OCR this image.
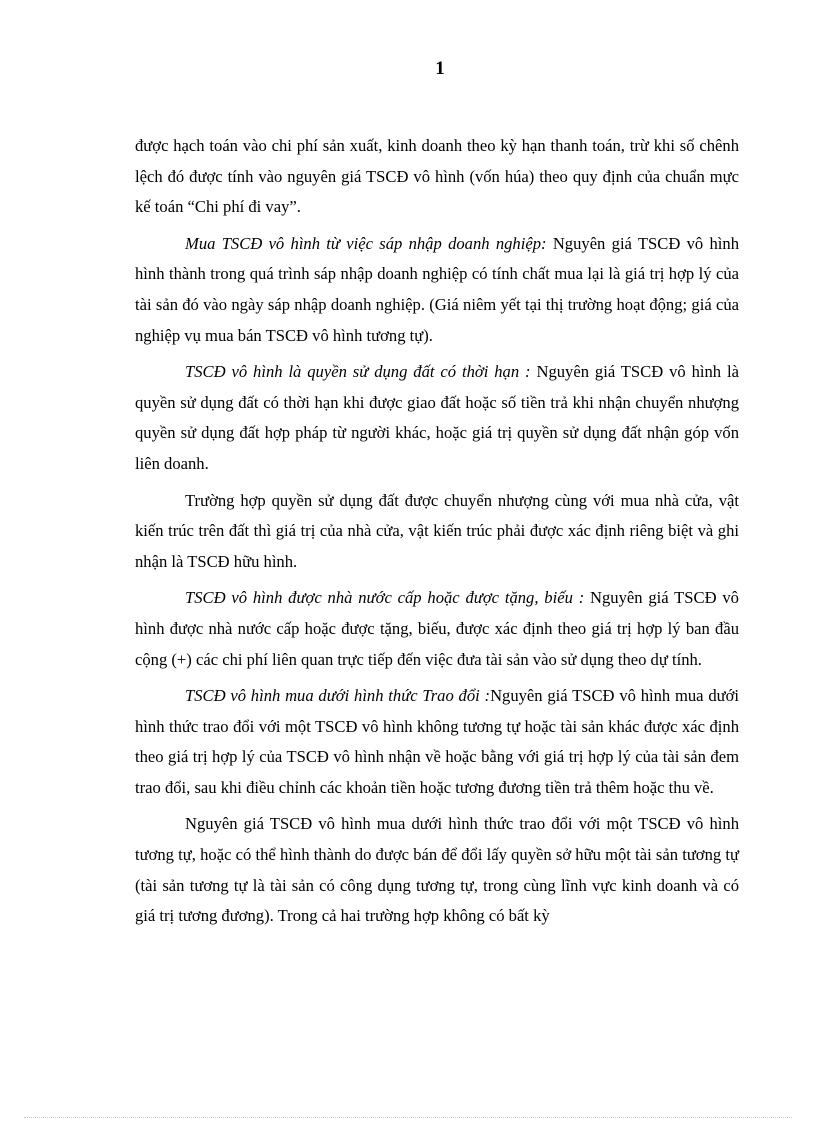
1

được hạch toán vào chi phí sản xuất, kinh doanh theo kỳ hạn thanh toán, trừ khi số chênh lệch đó được tính vào nguyên giá TSCĐ vô hình (vốn húa) theo quy định của chuẩn mực kế toán “Chi phí đi vay”.

Mua TSCĐ vô hình từ việc sáp nhập doanh nghiệp: Nguyên giá TSCĐ vô hình hình thành trong quá trình sáp nhập doanh nghiệp có tính chất mua lại là giá trị hợp lý của tài sản đó vào ngày sáp nhập doanh nghiệp. (Giá niêm yết tại thị trường hoạt động; giá của nghiệp vụ mua bán TSCĐ vô hình tương tự).

TSCĐ vô hình là quyền sử dụng đất có thời hạn : Nguyên giá TSCĐ vô hình là quyền sử dụng đất có thời hạn khi được giao đất hoặc số tiền trả khi nhận chuyển nhượng quyền sử dụng đất hợp pháp từ người khác, hoặc giá trị quyền sử dụng đất nhận góp vốn liên doanh.

Trường hợp quyền sử dụng đất được chuyển nhượng cùng với mua nhà cửa, vật kiến trúc trên đất thì giá trị của nhà cửa, vật kiến trúc phải được xác định riêng biệt và ghi nhận là TSCĐ hữu hình.

TSCĐ vô hình được nhà nước cấp hoặc được tặng, biếu : Nguyên giá TSCĐ vô hình được nhà nước cấp hoặc được tặng, biếu, được xác định theo giá trị hợp lý ban đầu cộng (+) các chi phí liên quan trực tiếp đến việc đưa tài sản vào sử dụng theo dự tính.

TSCĐ vô hình mua dưới hình thức Trao đổi :Nguyên giá TSCĐ vô hình mua dưới hình thức trao đổi với một TSCĐ vô hình không tương tự hoặc tài sản khác được xác định theo giá trị hợp lý của TSCĐ vô hình nhận về hoặc bằng với giá trị hợp lý của tài sản đem trao đổi, sau khi điều chỉnh các khoản tiền hoặc tương đương tiền trả thêm hoặc thu về.

Nguyên giá TSCĐ vô hình mua dưới hình thức trao đổi với một TSCĐ vô hình tương tự, hoặc có thể hình thành do được bán để đổi lấy quyền sở hữu một tài sản tương tự (tài sản tương tự là tài sản có công dụng tương tự, trong cùng lĩnh vực kinh doanh và có giá trị tương đương). Trong cả hai trường hợp không có bất kỳ
